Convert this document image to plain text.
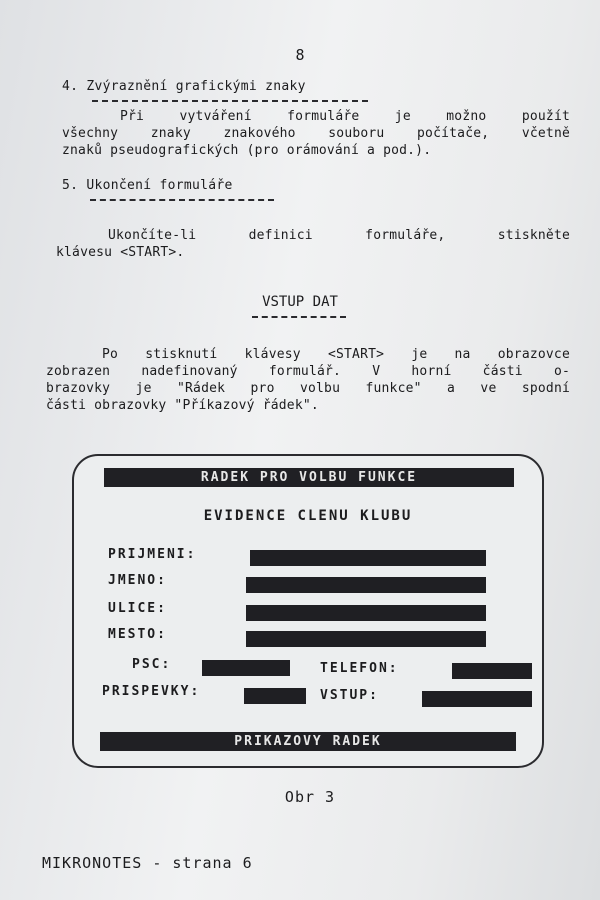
8
4. Zvýraznění grafickými znaky
Při vytváření formuláře je možno použít
všechny znaky znakového souboru počítače, včetně
znaků pseudografických (pro orámování a pod.).
5. Ukončení formuláře
Ukončíte-li definici formuláře, stiskněte
klávesu <START>.
VSTUP DAT
Po stisknutí klávesy <START> je na obrazovce
zobrazen nadefinovaný formulář. V horní části o-
brazovky je "Rádek pro volbu funkce" a ve spodní
části obrazovky "Příkazový řádek".
RADEK PRO VOLBU FUNKCE
EVIDENCE CLENU KLUBU
PRIJMENI:
JMENO:
ULICE:
MESTO:
PSC:	TELEFON:
PRISPEVKY:	VSTUP:
PRIKAZOVY RADEK
Obr 3
MIKRONOTES - strana 6
